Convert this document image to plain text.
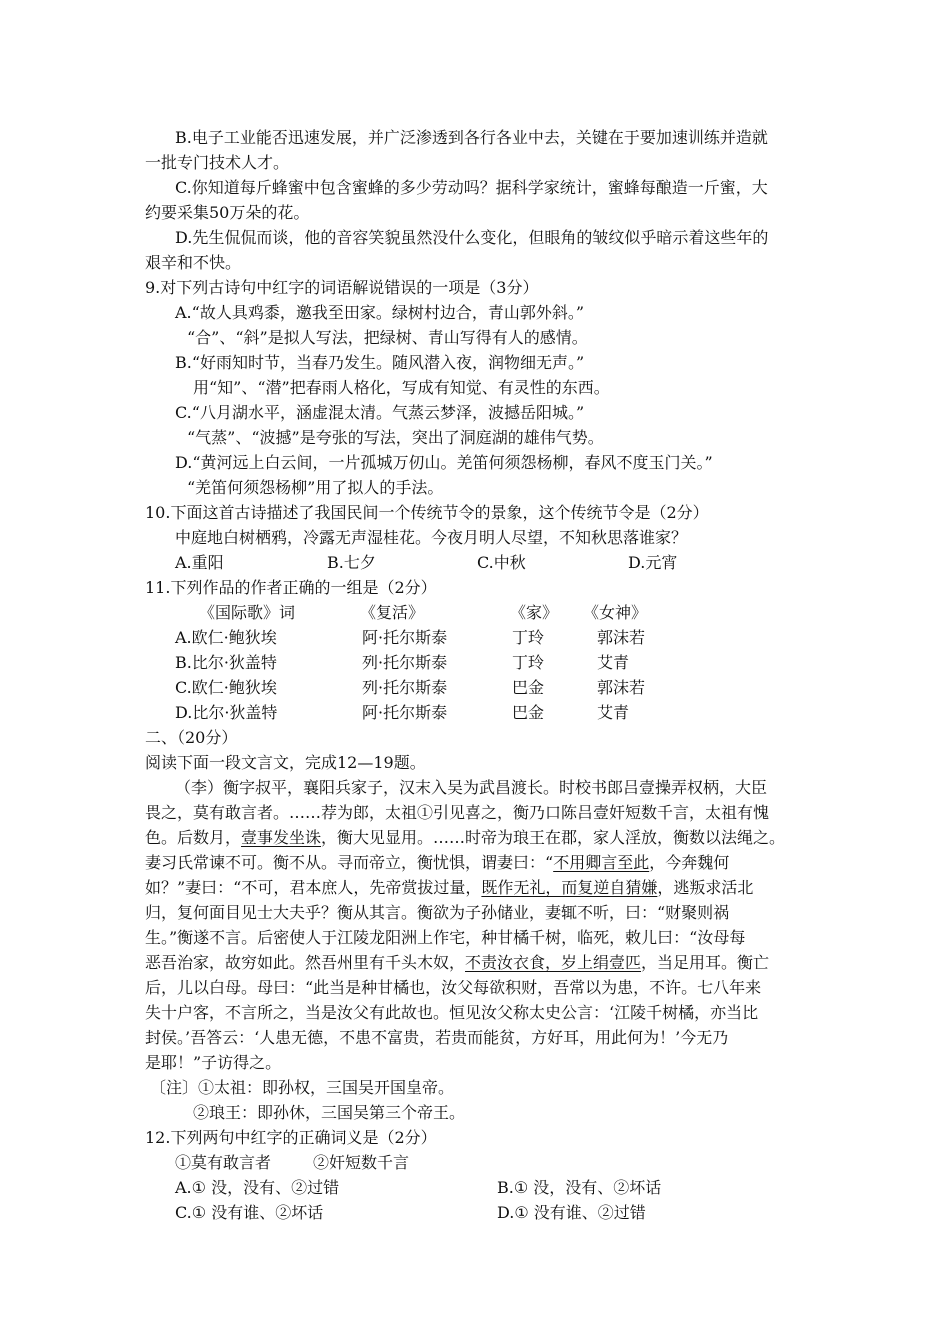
B.电子工业能否迅速发展，并广泛渗透到各行各业中去，关键在于要加速训练并造就
一批专门技术人才。
C.你知道每斤蜂蜜中包含蜜蜂的多少劳动吗？据科学家统计，蜜蜂每酿造一斤蜜，大
约要采集50万朵的花。
D.先生侃侃而谈，他的音容笑貌虽然没什么变化，但眼角的皱纹似乎暗示着这些年的
艰辛和不快。
9.对下列古诗句中红字的词语解说错误的一项是（3分）
A.“故人具鸡黍，邀我至田家。绿树村边合，青山郭外斜。”
“合”、“斜”是拟人写法，把绿树、青山写得有人的感情。
B.“好雨知时节，当春乃发生。随风潜入夜，润物细无声。”
用“知”、“潜”把春雨人格化，写成有知觉、有灵性的东西。
C.“八月湖水平，涵虚混太清。气蒸云梦泽，波撼岳阳城。”
“气蒸”、“波撼”是夸张的写法，突出了洞庭湖的雄伟气势。
D.“黄河远上白云间，一片孤城万仞山。羌笛何须怨杨柳，春风不度玉门关。”
“羌笛何须怨杨柳”用了拟人的手法。
10.下面这首古诗描述了我国民间一个传统节令的景象，这个传统节令是（2分）
中庭地白树栖鸦，冷露无声湿桂花。今夜月明人尽望，不知秋思落谁家？
A.重阳	B.七夕	C.中秋	D.元宵
11.下列作品的作者正确的一组是（2分）
《国际歌》词	《复活》	《家》 《女神》
A.欧仁·鲍狄埃	阿·托尔斯泰	丁玲	郭沫若
B.比尔·狄盖特	列·托尔斯泰	丁玲	艾青
C.欧仁·鲍狄埃	列·托尔斯泰	巴金	郭沫若
D.比尔·狄盖特	阿·托尔斯泰	巴金	艾青
二、（20分）
阅读下面一段文言文，完成12—19题。
（李）衡字叔平，襄阳兵家子，汉末入吴为武昌渡长。时校书郎吕壹操弄权柄，大臣
畏之，莫有敢言者。……荐为郎，太祖①引见喜之，衡乃口陈吕壹奸短数千言，太祖有愧
色。后数月，壹事发坐诛，衡大见显用。……时帝为琅王在郡，家人淫放，衡数以法绳之。
妻习氏常谏不可。衡不从。寻而帝立，衡忧惧，谓妻曰：“不用卿言至此，今奔魏何
如？”妻曰：“不可，君本庶人，先帝赏拔过量，既作无礼，而复逆自猜嫌，逃叛求活北
归，复何面目见士大夫乎？衡从其言。衡欲为子孙储业，妻辄不听，曰：“财聚则祸
生。”衡遂不言。后密使人于江陵龙阳洲上作宅，种甘橘千树，临死，敕儿曰：“汝母每
恶吾治家，故穷如此。然吾州里有千头木奴，不责汝衣食，岁上绢壹匹，当足用耳。衡亡
后，儿以白母。母曰：“此当是种甘橘也，汝父每欲积财，吾常以为患，不许。七八年来
失十户客，不言所之，当是汝父有此故也。恒见汝父称太史公言：‘江陵千树橘，亦当比
封侯。’吾答云：‘人患无德，不患不富贵，若贵而能贫，方好耳，用此何为！’今无乃
是耶！”子访得之。
〔注〕①太祖：即孙权，三国吴开国皇帝。
②琅王：即孙休，三国吴第三个帝王。
12.下列两句中红字的正确词义是（2分）
①莫有敢言者	②奸短数千言
A.① 没，没有、②过错	B.① 没，没有、②坏话
C.① 没有谁、②坏话	D.① 没有谁、②过错
